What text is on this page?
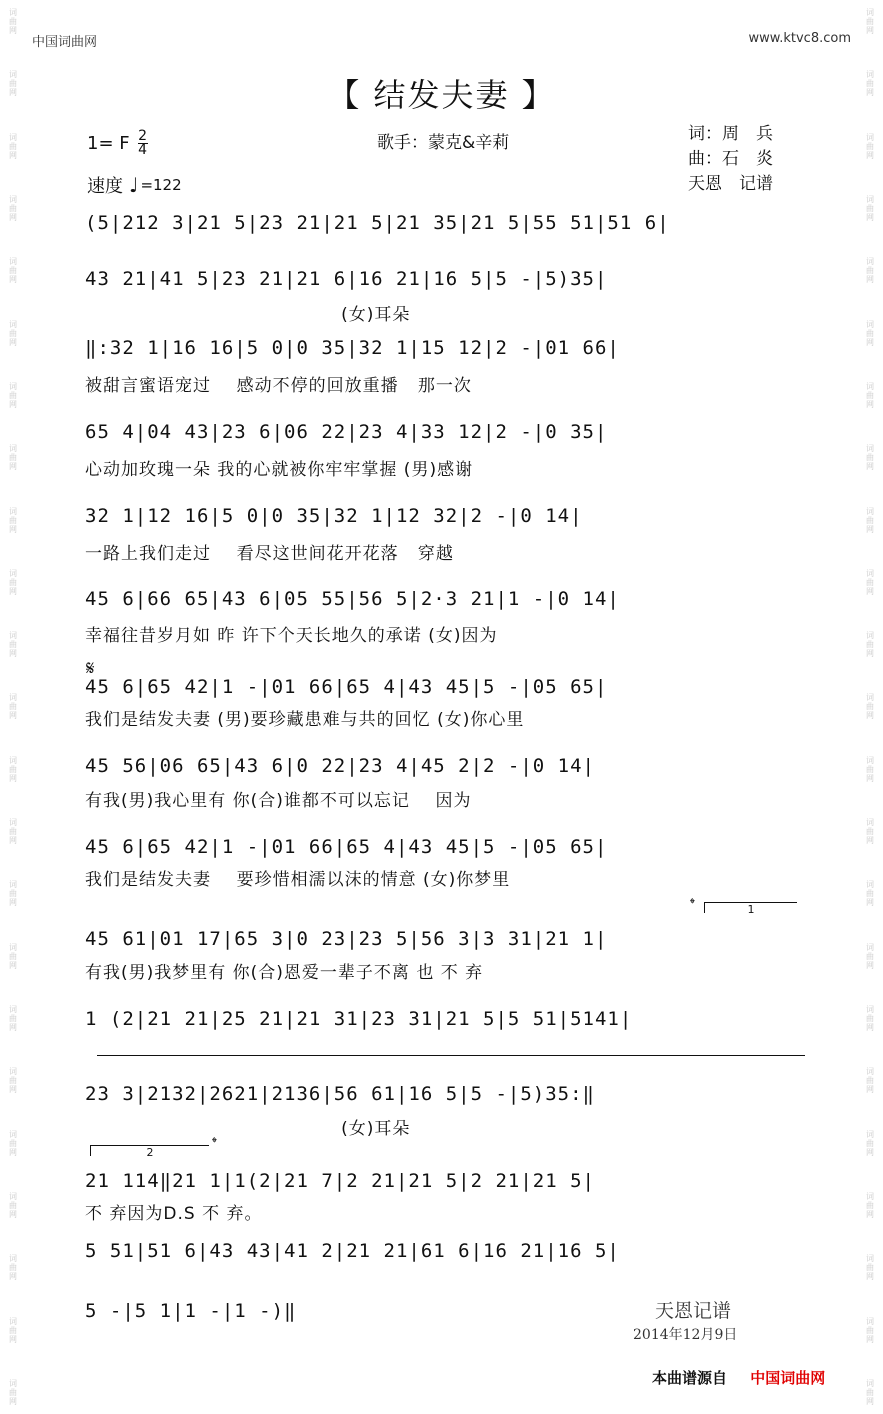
词曲网
词曲网
词曲网
词曲网
词曲网
词曲网
词曲网
词曲网
词曲网
词曲网
词曲网
词曲网
词曲网
词曲网
词曲网
词曲网
词曲网
词曲网
词曲网
词曲网
词曲网
词曲网
词曲网
词曲网
词曲网
词曲网
词曲网
词曲网
词曲网
词曲网
词曲网
词曲网
词曲网
词曲网
词曲网
词曲网
词曲网
词曲网
词曲网
词曲网
词曲网
词曲网
词曲网
词曲网
词曲网
词曲网
中国词曲网	www.ktvc8.com
【 结发夫妻 】
1= F 2
4
速度 ♩ =122
歌手：蒙克&辛莉	词：周　兵
曲：石　炎
天恩　记谱
(5|212 3|21 5|23 21|21 5|21 35|21 5|55 51|51 6|
43 21|41 5|23 21|21 6|16 21|16 5|5 -|5)35|
(女)耳朵
‖:32 1|16 16|5 0|0 35|32 1|15 12|2 -|01 66|
被甜言蜜语宠过    感动不停的回放重播   那一次
65 4|04 43|23 6|06 22|23 4|33 12|2 -|0 35|
心动加玫瑰一朵 我的心就被你牢牢掌握 (男)感谢
32 1|12 16|5 0|0 35|32 1|12 32|2 -|0 14|
一路上我们走过    看尽这世间花开花落   穿越
45 6|66 65|43 6|05 55|56 5|2·3 21|1 -|0 14|
幸福往昔岁月如 昨 许下个天长地久的承诺 (女)因为
𝄋
45 6|65 42|1 -|01 66|65 4|43 45|5 -|05 65|
我们是结发夫妻 (男)要珍藏患难与共的回忆 (女)你心里
45 56|06 65|43 6|0 22|23 4|45 2|2 -|0 14|
有我(男)我心里有 你(合)谁都不可以忘记    因为
45 6|65 42|1 -|01 66|65 4|43 45|5 -|05 65|
我们是结发夫妻    要珍惜相濡以沫的情意 (女)你梦里
1
𝄌
45 61|01 17|65 3|0 23|23 5|56 3|3 31|21 1|
有我(男)我梦里有 你(合)恩爱一辈子不离 也 不 弃
1 (2|21 21|25 21|21 31|23 31|21 5|5 51|5141|
23 3|2132|2621|2136|56 61|16 5|5 -|5)35:‖
(女)耳朵
2
𝄌
21 114‖21 1|1(2|21 7|2 21|21 5|2 21|21 5|
不 弃因为D.S 不 弃。
5 51|51 6|43 43|41 2|21 21|61 6|16 21|16 5|
5 -|5 1|1 -|1 -)‖	天恩记谱
2014年12月9日
本曲谱源自 中国词曲网
